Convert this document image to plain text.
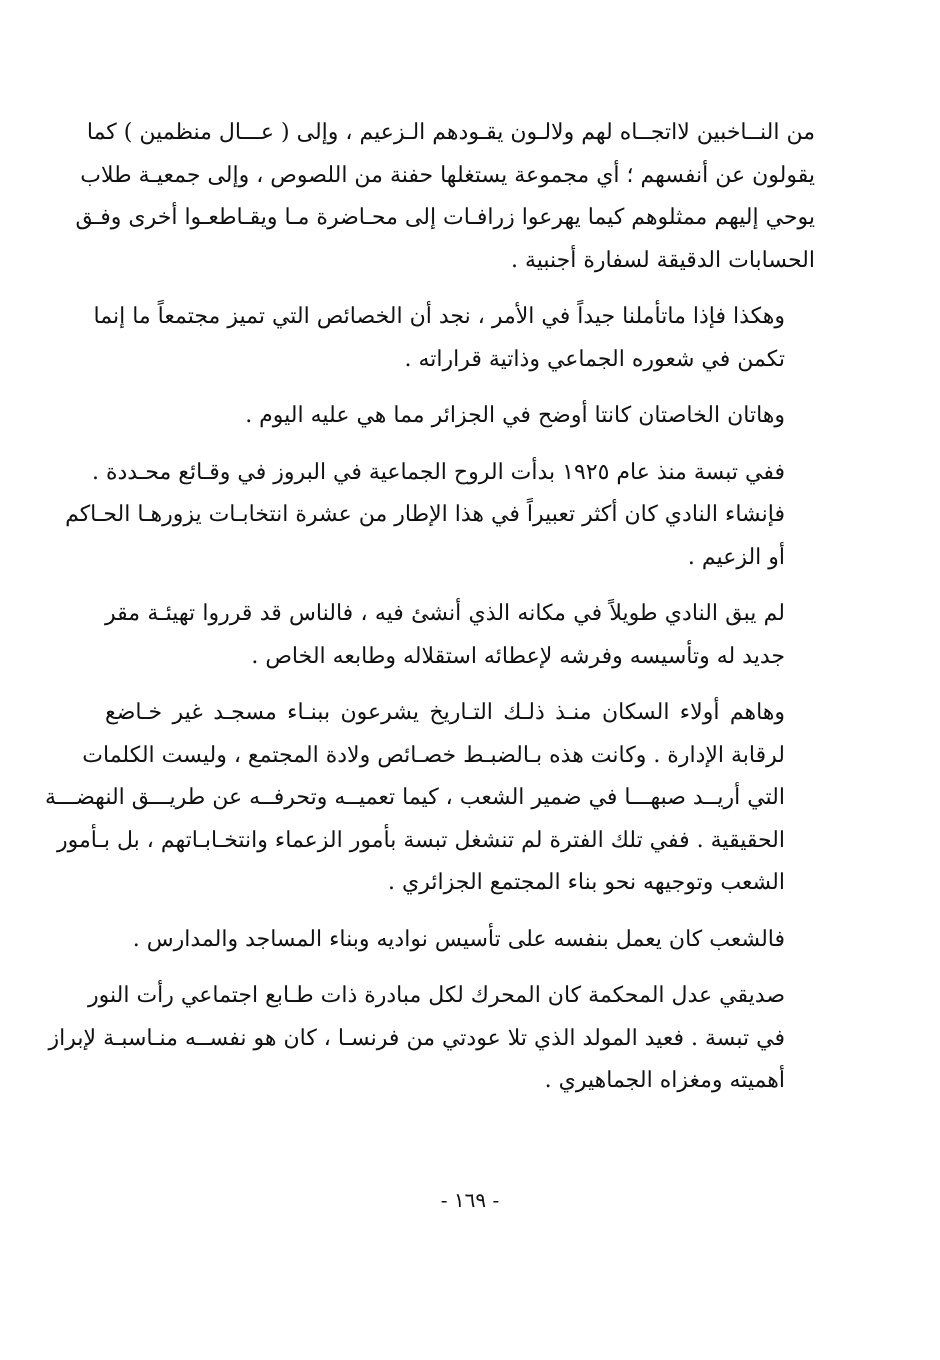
من النــاخبين لااتجــاه لهم ولالـون يقـودهم الـزعيم ، وإلى ( عـــال منظمين ) كما
يقولون عن أنفسهم ؛ أي مجموعة يستغلها حفنة من اللصوص ، وإلى جمعيـة طلاب
يوحي إليهم ممثلوهم كيما يهرعوا زرافـات إلى محـاضرة مـا ويقـاطعـوا أخرى وفـق
الحسابات الدقيقة لسفارة أجنبية .

وهكذا فإذا ماتأملنا جيداً في الأمر ، نجد أن الخصائص التي تميز مجتمعاً ما إنما
تكمن في شعوره الجماعي وذاتية قراراته .

وهاتان الخاصتان كانتا أوضح في الجزائر مما هي عليه اليوم .

ففي تبسة منذ عام ١٩٢٥ بدأت الروح الجماعية في البروز في وقـائع محـددة .
فإنشاء النادي كان أكثر تعبيراً في هذا الإطار من عشرة انتخابـات يزورهـا الحـاكم
أو الزعيم .

لم يبق النادي طويلاً في مكانه الذي أنشئ فيه ، فالناس قد قرروا تهيئـة مقر
جديد له وتأسيسه وفرشه لإعطائه استقلاله وطابعه الخاص .

وهاهم أولاء السكان منـذ ذلـك التـاريخ يشرعون ببنـاء مسجـد غير خـاضع
لرقابة الإدارة . وكانت هذه بـالضبـط خصـائص ولادة المجتمع ، وليست الكلمات
التي أريــد صبهـــا في ضمير الشعب ، كيما تعميــه وتحرفــه عن طريـــق النهضـــة
الحقيقية . ففي تلك الفترة لم تنشغل تبسة بأمور الزعماء وانتخـابـاتهم ، بل بـأمور
الشعب وتوجيهه نحو بناء المجتمع الجزائري .

فالشعب كان يعمل بنفسه على تأسيس نواديه وبناء المساجد والمدارس .

صديقي عدل المحكمة كان المحرك لكل مبادرة ذات طـابع اجتماعي رأت النور
في تبسة . فعيد المولد الذي تلا عودتي من فرنسـا ، كان هو نفســه منـاسبـة لإبراز
أهميته ومغزاه الجماهيري .

- ١٦٩ -
